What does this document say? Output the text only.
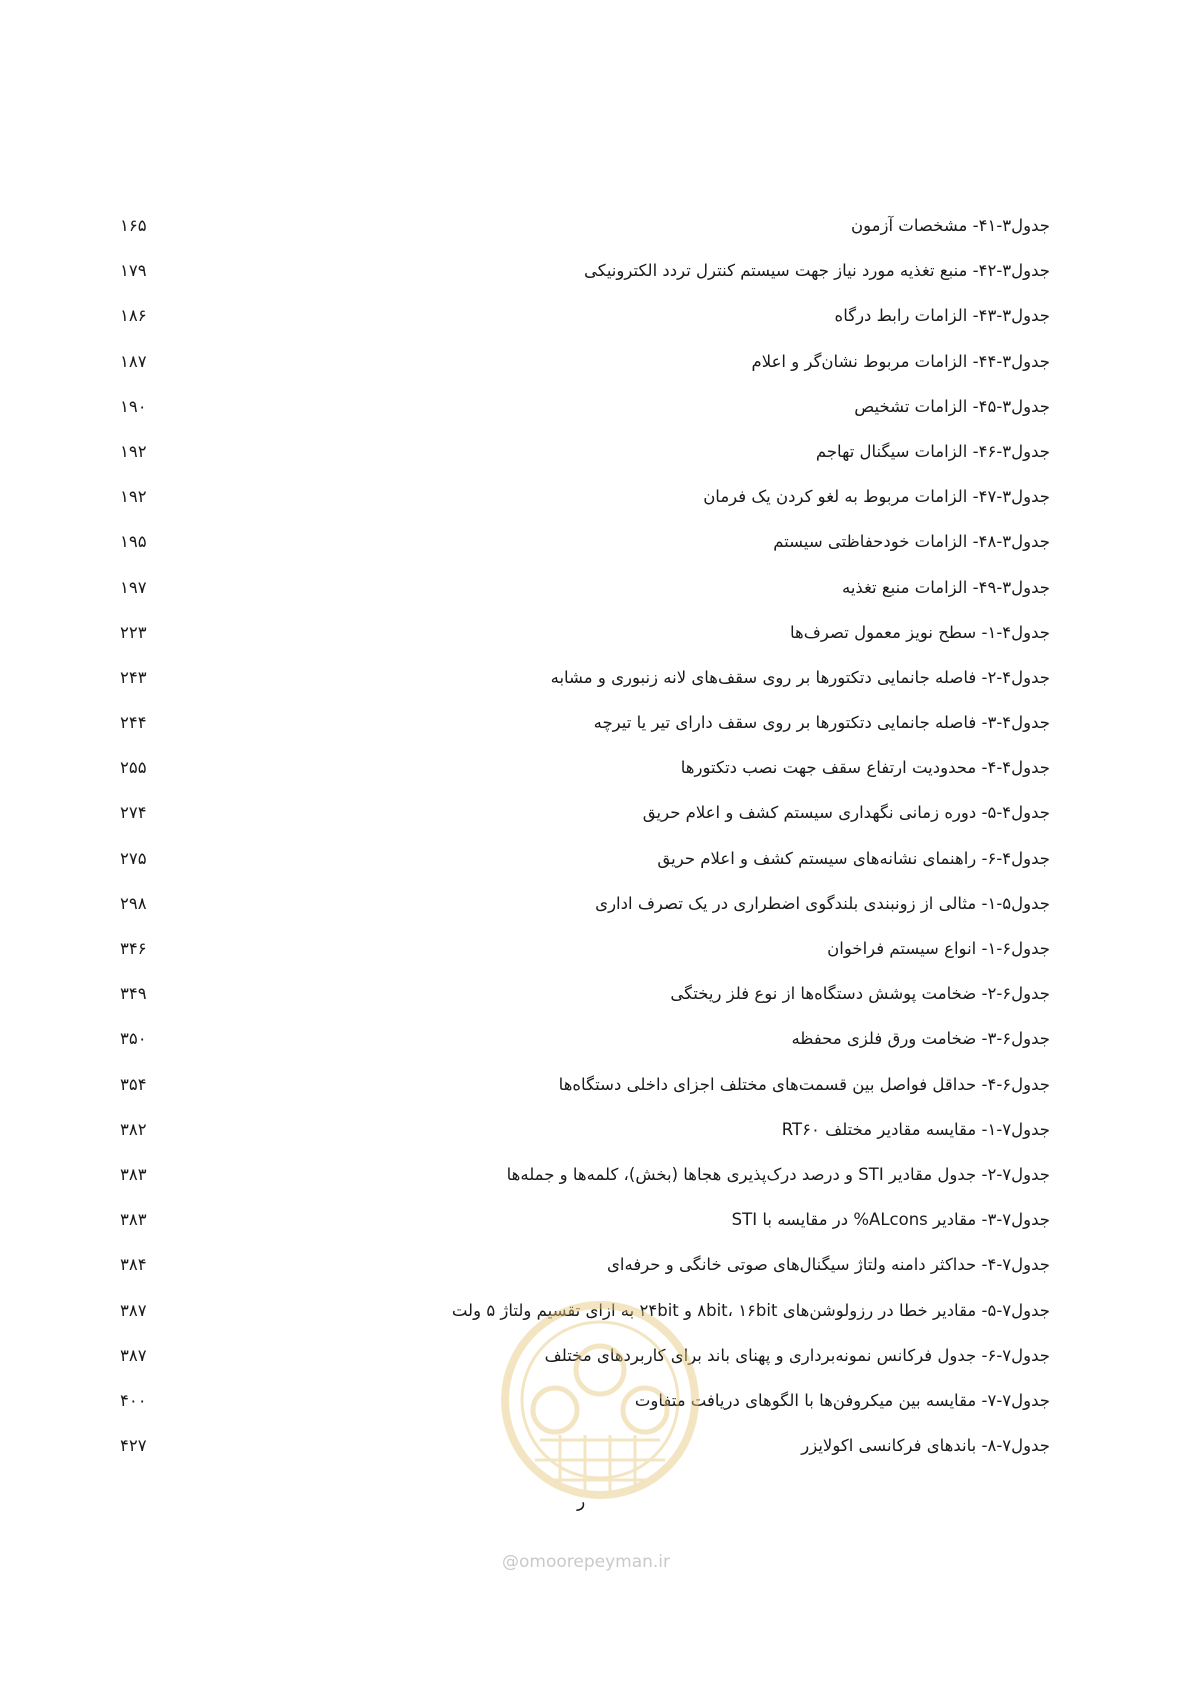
جدول۳-۴۱- مشخصات آزمون
۱۶۵
جدول۳-۴۲- منبع تغذیه مورد نیاز جهت سیستم کنترل تردد الکترونیکی
۱۷۹
جدول۳-۴۳- الزامات رابط درگاه
۱۸۶
جدول۳-۴۴- الزامات مربوط نشان‌گر و اعلام
۱۸۷
جدول۳-۴۵- الزامات تشخیص
۱۹۰
جدول۳-۴۶- الزامات سیگنال تهاجم
۱۹۲
جدول۳-۴۷- الزامات مربوط به لغو کردن یک فرمان
۱۹۲
جدول۳-۴۸- الزامات خودحفاظتی سیستم
۱۹۵
جدول۳-۴۹- الزامات منبع تغذیه
۱۹۷
جدول۴-۱- سطح نویز معمول تصرف‌ها
۲۲۳
جدول۴-۲- فاصله جانمایی دتکتورها بر روی سقف‌های لانه زنبوری و مشابه
۲۴۳
جدول۴-۳- فاصله جانمایی دتکتورها بر روی سقف دارای تیر یا تیرچه
۲۴۴
جدول۴-۴- محدودیت ارتفاع سقف جهت نصب دتکتورها
۲۵۵
جدول۴-۵- دوره زمانی نگهداری سیستم کشف و اعلام حریق
۲۷۴
جدول۴-۶- راهنمای نشانه‌های سیستم کشف و اعلام حریق
۲۷۵
جدول۵-۱- مثالی از زونبندی بلندگوی اضطراری در یک تصرف اداری
۲۹۸
جدول۶-۱- انواع سیستم فراخوان
۳۴۶
جدول۶-۲- ضخامت پوشش دستگاه‌ها از نوع فلز ریختگی
۳۴۹
جدول۶-۳- ضخامت ورق فلزی محفظه
۳۵۰
جدول۶-۴- حداقل فواصل بین قسمت‌های مختلف اجزای داخلی دستگاه‌ها
۳۵۴
جدول۷-۱- مقایسه مقادیر مختلف RT۶۰
۳۸۲
جدول۷-۲- جدول مقادیر STI و درصد درک‌پذیری هجاها (بخش)، کلمه‌ها و جمله‌ها
۳۸۳
جدول۷-۳- مقادیر ALcons% در مقایسه با STI
۳۸۳
جدول۷-۴- حداکثر دامنه ولتاژ سیگنال‌های صوتی خانگی و حرفه‌ای
۳۸۴
جدول۷-۵- مقادیر خطا در رزولوشن‌های ۸bit، ۱۶bit و ۲۴bit به ازای تقسیم ولتاژ ۵ ولت
۳۸۷
جدول۷-۶- جدول فرکانس نمونه‌برداری و پهنای باند برای کاربردهای مختلف
۳۸۷
جدول۷-۷- مقایسه بین میکروفن‌ها با الگوهای دریافت متفاوت
۴۰۰
جدول۷-۸- باندهای فرکانسی اکولایزر
۴۲۷
ر
@omoorepeyman.ir
